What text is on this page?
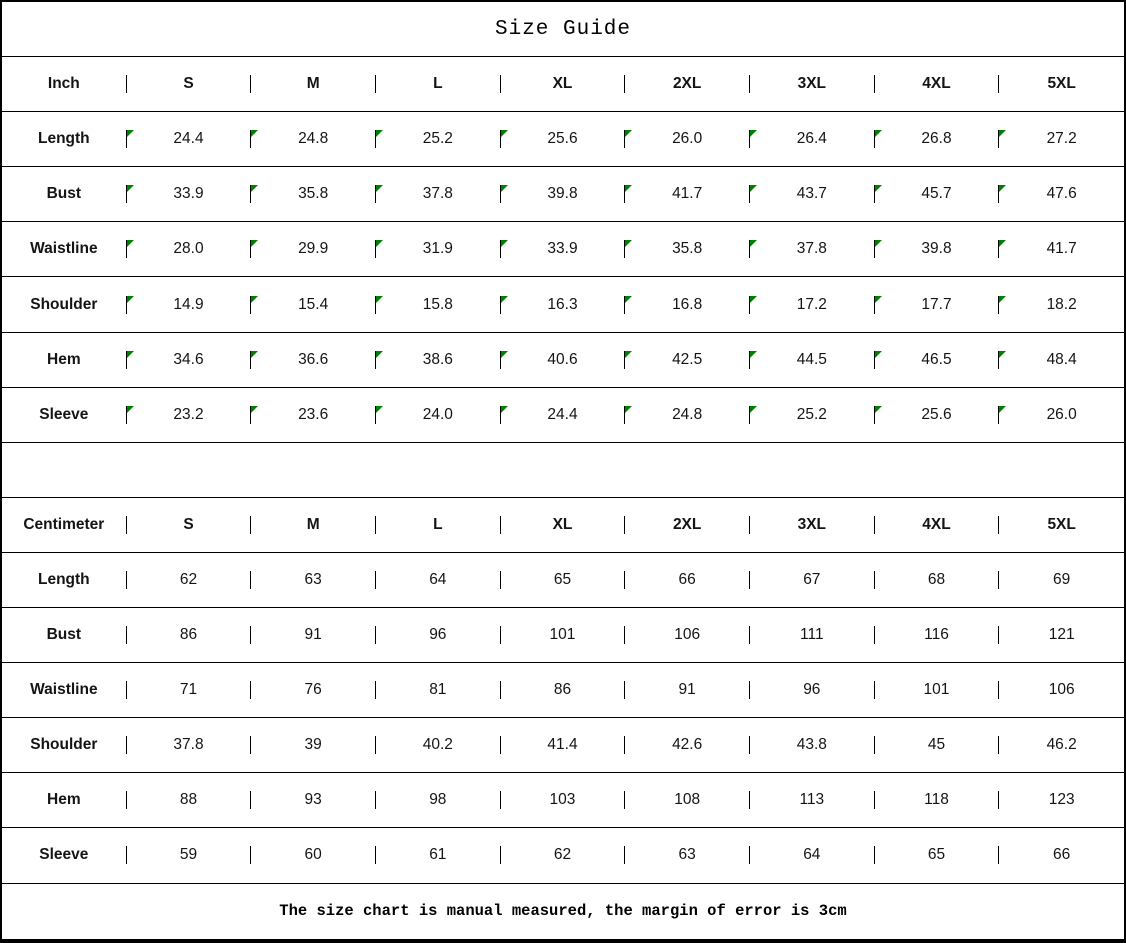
Size Guide
Inch	S	M	L	XL	2XL	3XL	4XL	5XL
Length	24.4	24.8	25.2	25.6	26.0	26.4	26.8	27.2
Bust	33.9	35.8	37.8	39.8	41.7	43.7	45.7	47.6
Waistline	28.0	29.9	31.9	33.9	35.8	37.8	39.8	41.7
Shoulder	14.9	15.4	15.8	16.3	16.8	17.2	17.7	18.2
Hem	34.6	36.6	38.6	40.6	42.5	44.5	46.5	48.4
Sleeve	23.2	23.6	24.0	24.4	24.8	25.2	25.6	26.0
Centimeter	S	M	L	XL	2XL	3XL	4XL	5XL
Length	62	63	64	65	66	67	68	69
Bust	86	91	96	101	106	111	116	121
Waistline	71	76	81	86	91	96	101	106
Shoulder	37.8	39	40.2	41.4	42.6	43.8	45	46.2
Hem	88	93	98	103	108	113	118	123
Sleeve	59	60	61	62	63	64	65	66
The size chart is manual measured, the margin of error is 3cm
